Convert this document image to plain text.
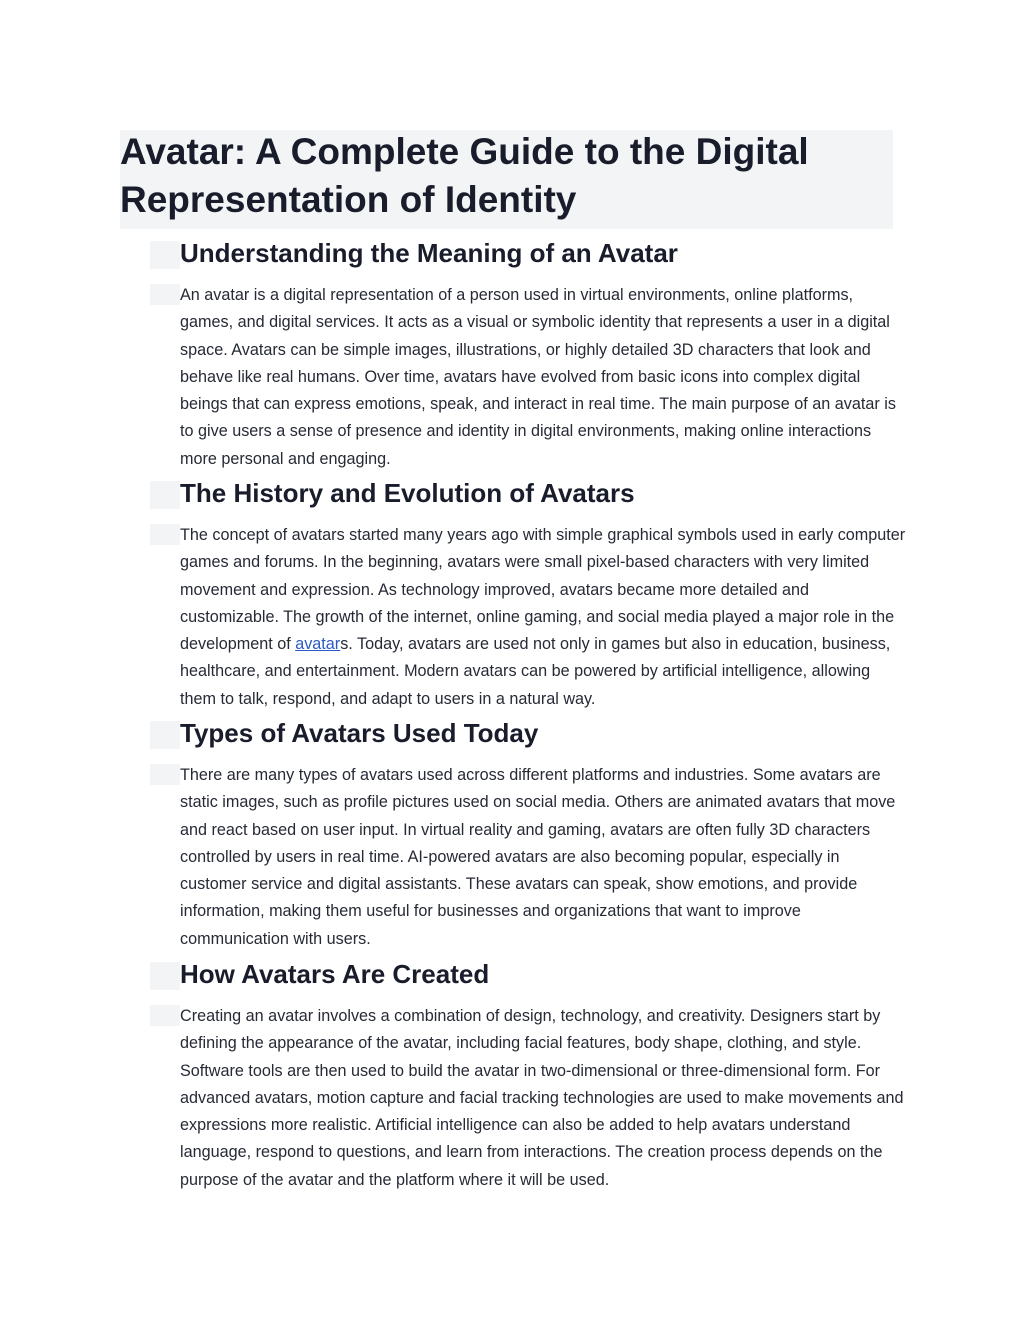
Avatar: A Complete Guide to the Digital Representation of Identity
Understanding the Meaning of an Avatar

An avatar is a digital representation of a person used in virtual environments, online platforms, games, and digital services. It acts as a visual or symbolic identity that represents a user in a digital space. Avatars can be simple images, illustrations, or highly detailed 3D characters that look and behave like real humans. Over time, avatars have evolved from basic icons into complex digital beings that can express emotions, speak, and interact in real time. The main purpose of an avatar is to give users a sense of presence and identity in digital environments, making online interactions more personal and engaging.

The History and Evolution of Avatars

The concept of avatars started many years ago with simple graphical symbols used in early computer games and forums. In the beginning, avatars were small pixel-based characters with very limited movement and expression. As technology improved, avatars became more detailed and customizable. The growth of the internet, online gaming, and social media played a major role in the development of avatars. Today, avatars are used not only in games but also in education, business, healthcare, and entertainment. Modern avatars can be powered by artificial intelligence, allowing them to talk, respond, and adapt to users in a natural way.

Types of Avatars Used Today

There are many types of avatars used across different platforms and industries. Some avatars are static images, such as profile pictures used on social media. Others are animated avatars that move and react based on user input. In virtual reality and gaming, avatars are often fully 3D characters controlled by users in real time. AI-powered avatars are also becoming popular, especially in customer service and digital assistants. These avatars can speak, show emotions, and provide information, making them useful for businesses and organizations that want to improve communication with users.

How Avatars Are Created

Creating an avatar involves a combination of design, technology, and creativity. Designers start by defining the appearance of the avatar, including facial features, body shape, clothing, and style. Software tools are then used to build the avatar in two-dimensional or three-dimensional form. For advanced avatars, motion capture and facial tracking technologies are used to make movements and expressions more realistic. Artificial intelligence can also be added to help avatars understand language, respond to questions, and learn from interactions. The creation process depends on the purpose of the avatar and the platform where it will be used.
